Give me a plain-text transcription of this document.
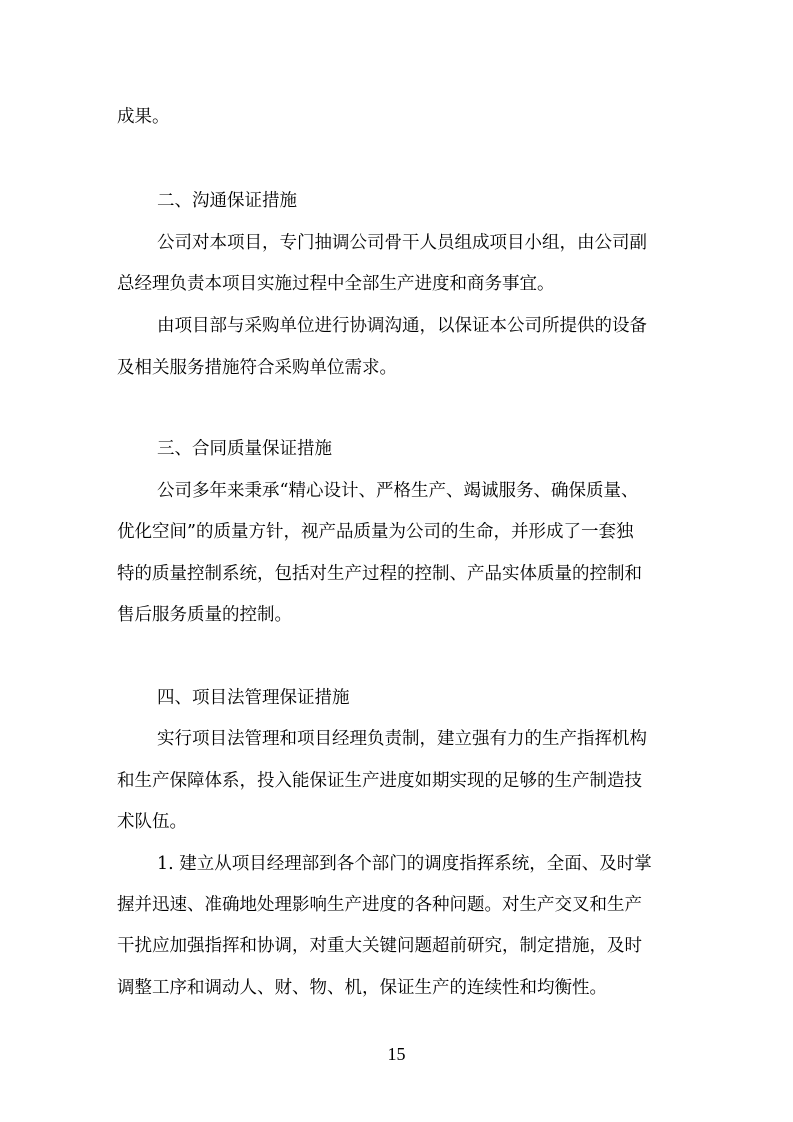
成果。
二、沟通保证措施
公司对本项目，专门抽调公司骨干人员组成项目小组，由公司副
总经理负责本项目实施过程中全部生产进度和商务事宜。
由项目部与采购单位进行协调沟通，以保证本公司所提供的设备
及相关服务措施符合采购单位需求。
三、合同质量保证措施
公司多年来秉承“精心设计、严格生产、竭诚服务、确保质量、
优化空间”的质量方针，视产品质量为公司的生命，并形成了一套独
特的质量控制系统，包括对生产过程的控制、产品实体质量的控制和
售后服务质量的控制。
四、项目法管理保证措施
实行项目法管理和项目经理负责制，建立强有力的生产指挥机构
和生产保障体系，投入能保证生产进度如期实现的足够的生产制造技
术队伍。
1. 建立从项目经理部到各个部门的调度指挥系统，全面、及时掌
握并迅速、准确地处理影响生产进度的各种问题。对生产交叉和生产
干扰应加强指挥和协调，对重大关键问题超前研究，制定措施，及时
调整工序和调动人、财、物、机，保证生产的连续性和均衡性。
15
